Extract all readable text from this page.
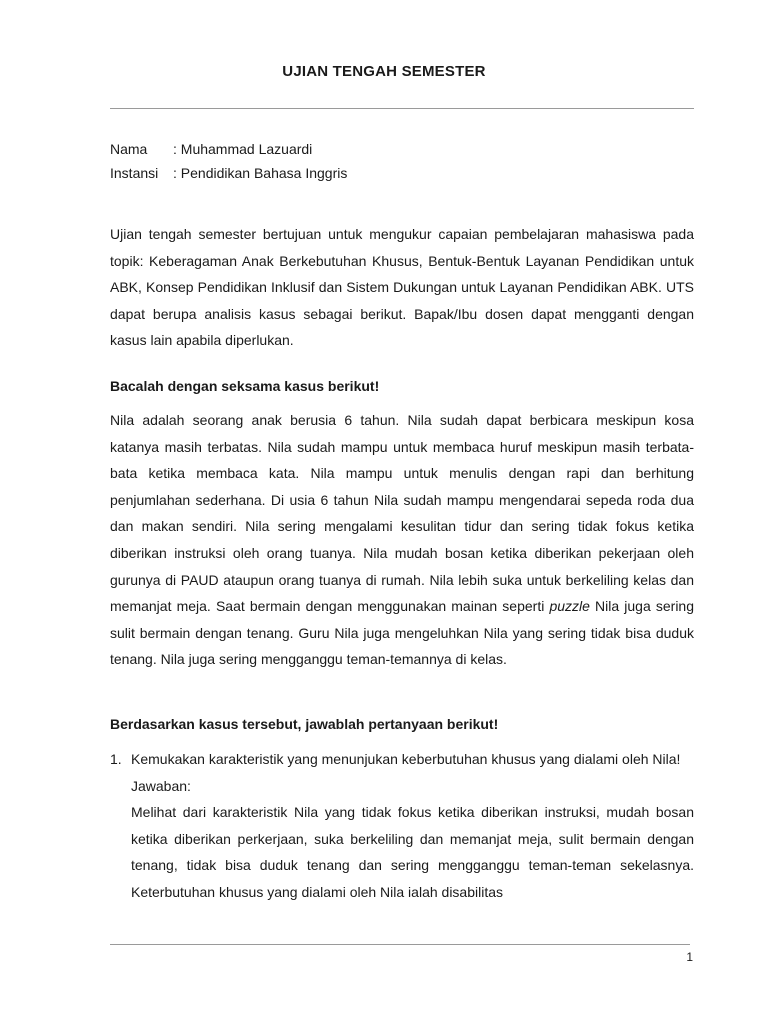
UJIAN TENGAH SEMESTER
Nama	: Muhammad Lazuardi
Instansi	: Pendidikan Bahasa Inggris
Ujian tengah semester bertujuan untuk mengukur capaian pembelajaran mahasiswa pada topik: Keberagaman Anak Berkebutuhan Khusus, Bentuk-Bentuk Layanan Pendidikan untuk ABK, Konsep Pendidikan Inklusif dan Sistem Dukungan untuk Layanan Pendidikan ABK. UTS dapat berupa analisis kasus sebagai berikut. Bapak/Ibu dosen dapat mengganti dengan kasus lain apabila diperlukan.
Bacalah dengan seksama kasus berikut!
Nila adalah seorang anak berusia 6 tahun. Nila sudah dapat berbicara meskipun kosa katanya masih terbatas. Nila sudah mampu untuk membaca huruf meskipun masih terbata-bata ketika membaca kata. Nila mampu untuk menulis dengan rapi dan berhitung penjumlahan sederhana. Di usia 6 tahun Nila sudah mampu mengendarai sepeda roda dua dan makan sendiri. Nila sering mengalami kesulitan tidur dan sering tidak fokus ketika diberikan instruksi oleh orang tuanya. Nila mudah bosan ketika diberikan pekerjaan oleh gurunya di PAUD ataupun orang tuanya di rumah. Nila lebih suka untuk berkeliling kelas dan memanjat meja. Saat bermain dengan menggunakan mainan seperti puzzle Nila juga sering sulit bermain dengan tenang. Guru Nila juga mengeluhkan Nila yang sering tidak bisa duduk tenang. Nila juga sering mengganggu teman-temannya di kelas.
Berdasarkan kasus tersebut, jawablah pertanyaan berikut!
1. Kemukakan karakteristik yang menunjukan keberbutuhan khusus yang dialami oleh Nila!

Jawaban:

Melihat dari karakteristik Nila yang tidak fokus ketika diberikan instruksi, mudah bosan ketika diberikan perkerjaan, suka berkeliling dan memanjat meja, sulit bermain dengan tenang, tidak bisa duduk tenang dan sering mengganggu teman-teman sekelasnya. Keterbutuhan khusus yang dialami oleh Nila ialah disabilitas

1
